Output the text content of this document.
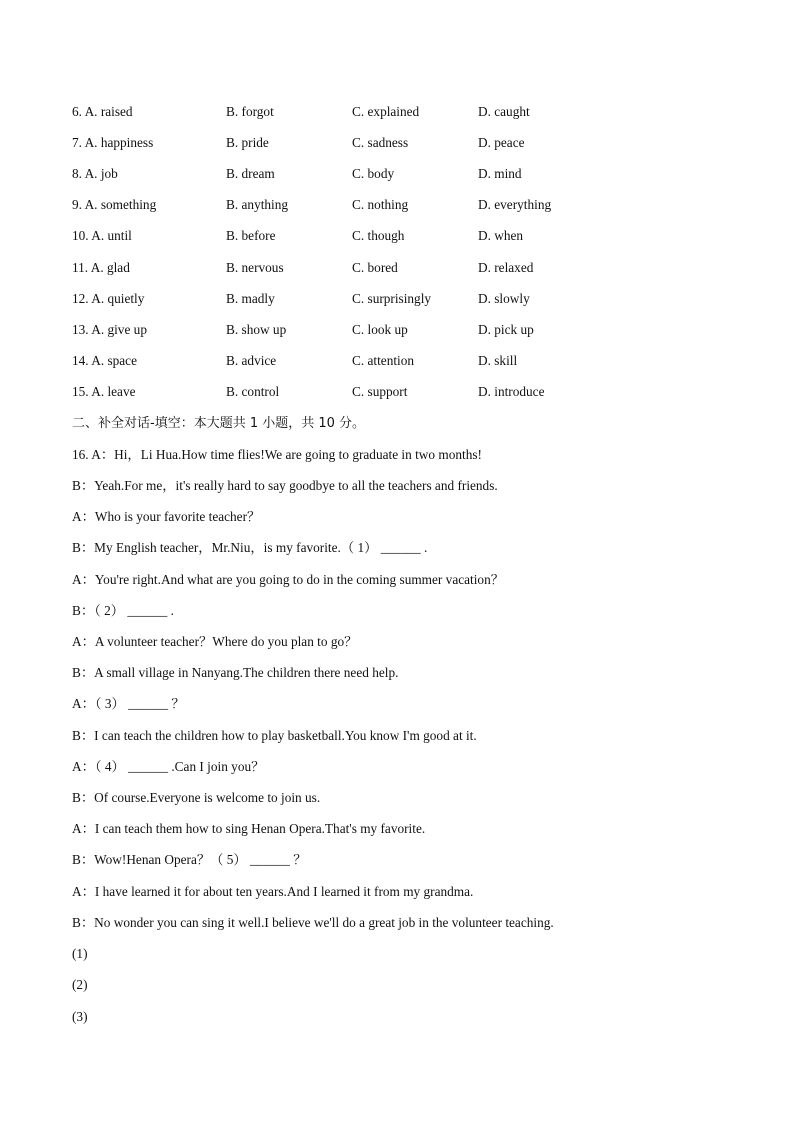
6. A. raised	B. forgot	C. explained	D. caught
7. A. happiness	B. pride	C. sadness	D. peace
8. A. job	B. dream	C. body	D. mind
9. A. something	B. anything	C. nothing	D. everything
10. A. until	B. before	C. though	D. when
11. A. glad	B. nervous	C. bored	D. relaxed
12. A. quietly	B. madly	C. surprisingly	D. slowly
13. A. give up	B. show up	C. look up	D. pick up
14. A. space	B. advice	C. attention	D. skill
15. A. leave	B. control	C. support	D. introduce
二、补全对话-填空：本大题共 1 小题，共 10 分。
16. A：Hi，Li Hua.How time flies!We are going to graduate in two months!
B：Yeah.For me，it's really hard to say goodbye to all the teachers and friends.
A：Who is your favorite teacher？
B：My English teacher，Mr.Niu，is my favorite.（ 1） ______ .
A：You're right.And what are you going to do in the coming summer vacation？
B：（ 2） ______ .
A：A volunteer teacher？Where do you plan to go？
B：A small village in Nanyang.The children there need help.
A：（ 3） ______ ？
B：I can teach the children how to play basketball.You know I'm good at it.
A：（ 4） ______ .Can I join you？
B：Of course.Everyone is welcome to join us.
A：I can teach them how to sing Henan Opera.That's my favorite.
B：Wow!Henan Opera？（ 5） ______ ？
A：I have learned it for about ten years.And I learned it from my grandma.
B：No wonder you can sing it well.I believe we'll do a great job in the volunteer teaching.
(1)
(2)
(3)
